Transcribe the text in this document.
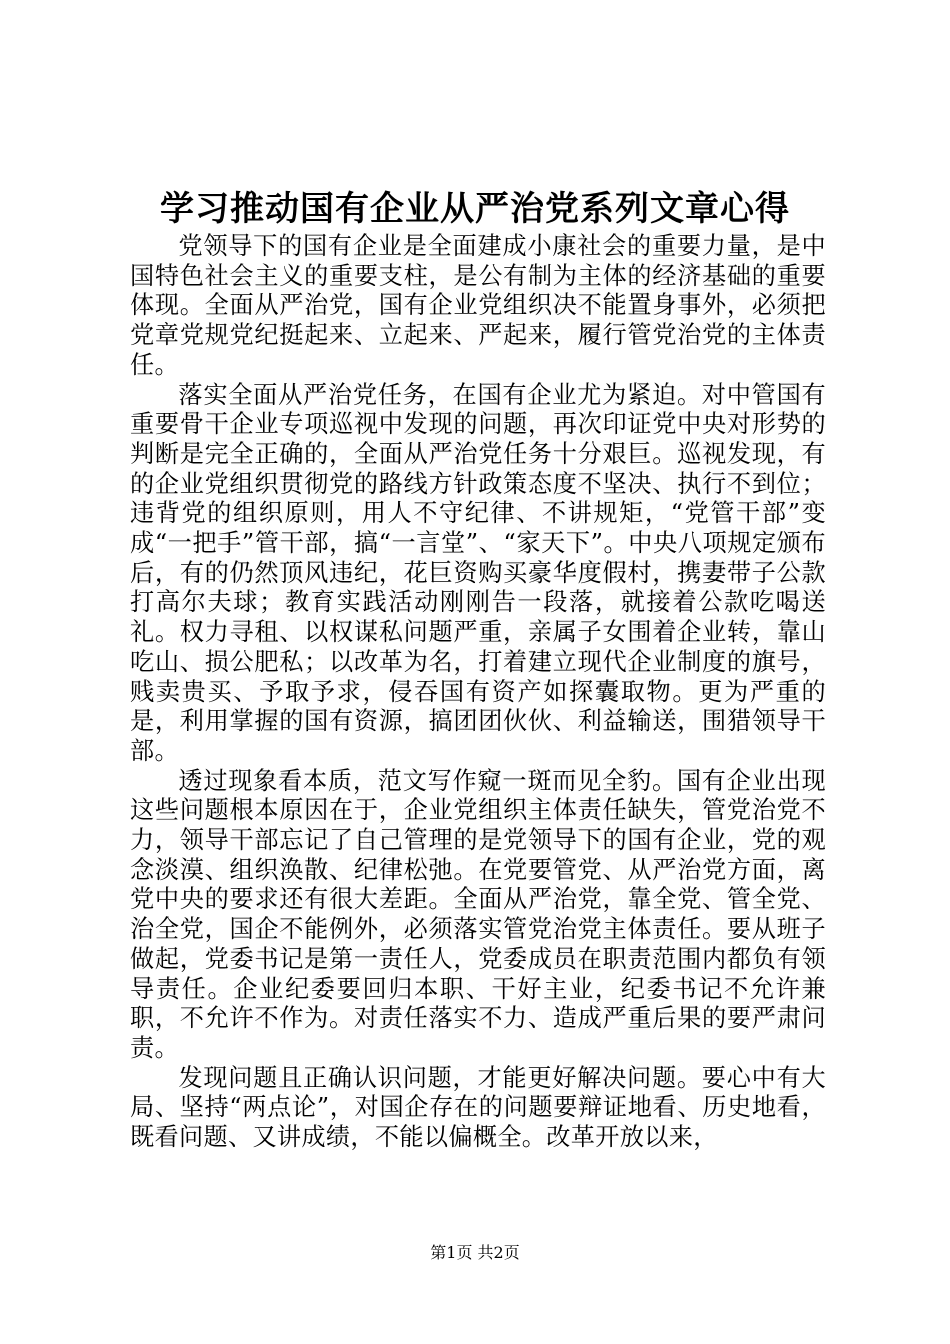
学习推动国有企业从严治党系列文章心得

党领导下的国有企业是全面建成小康社会的重要力量，是中国特色社会主义的重要支柱，是公有制为主体的经济基础的重要体现。全面从严治党，国有企业党组织决不能置身事外，必须把党章党规党纪挺起来、立起来、严起来，履行管党治党的主体责任。

落实全面从严治党任务，在国有企业尤为紧迫。对中管国有重要骨干企业专项巡视中发现的问题，再次印证党中央对形势的判断是完全正确的，全面从严治党任务十分艰巨。巡视发现，有的企业党组织贯彻党的路线方针政策态度不坚决、执行不到位；违背党的组织原则，用人不守纪律、不讲规矩，“党管干部”变成“一把手”管干部，搞“一言堂”、“家天下”。中央八项规定颁布后，有的仍然顶风违纪，花巨资购买豪华度假村，携妻带子公款打高尔夫球；教育实践活动刚刚告一段落，就接着公款吃喝送礼。权力寻租、以权谋私问题严重，亲属子女围着企业转，靠山吃山、损公肥私；以改革为名，打着建立现代企业制度的旗号，贱卖贵买、予取予求，侵吞国有资产如探囊取物。更为严重的是，利用掌握的国有资源，搞团团伙伙、利益输送，围猎领导干部。

透过现象看本质，范文写作窥一斑而见全豹。国有企业出现这些问题根本原因在于，企业党组织主体责任缺失，管党治党不力，领导干部忘记了自己管理的是党领导下的国有企业，党的观念淡漠、组织涣散、纪律松弛。在党要管党、从严治党方面，离党中央的要求还有很大差距。全面从严治党，靠全党、管全党、治全党，国企不能例外，必须落实管党治党主体责任。要从班子做起，党委书记是第一责任人，党委成员在职责范围内都负有领导责任。企业纪委要回归本职、干好主业，纪委书记不允许兼职，不允许不作为。对责任落实不力、造成严重后果的要严肃问责。

发现问题且正确认识问题，才能更好解决问题。要心中有大局、坚持“两点论”，对国企存在的问题要辩证地看、历史地看，既看问题、又讲成绩，不能以偏概全。改革开放以来，

第1页 共2页
